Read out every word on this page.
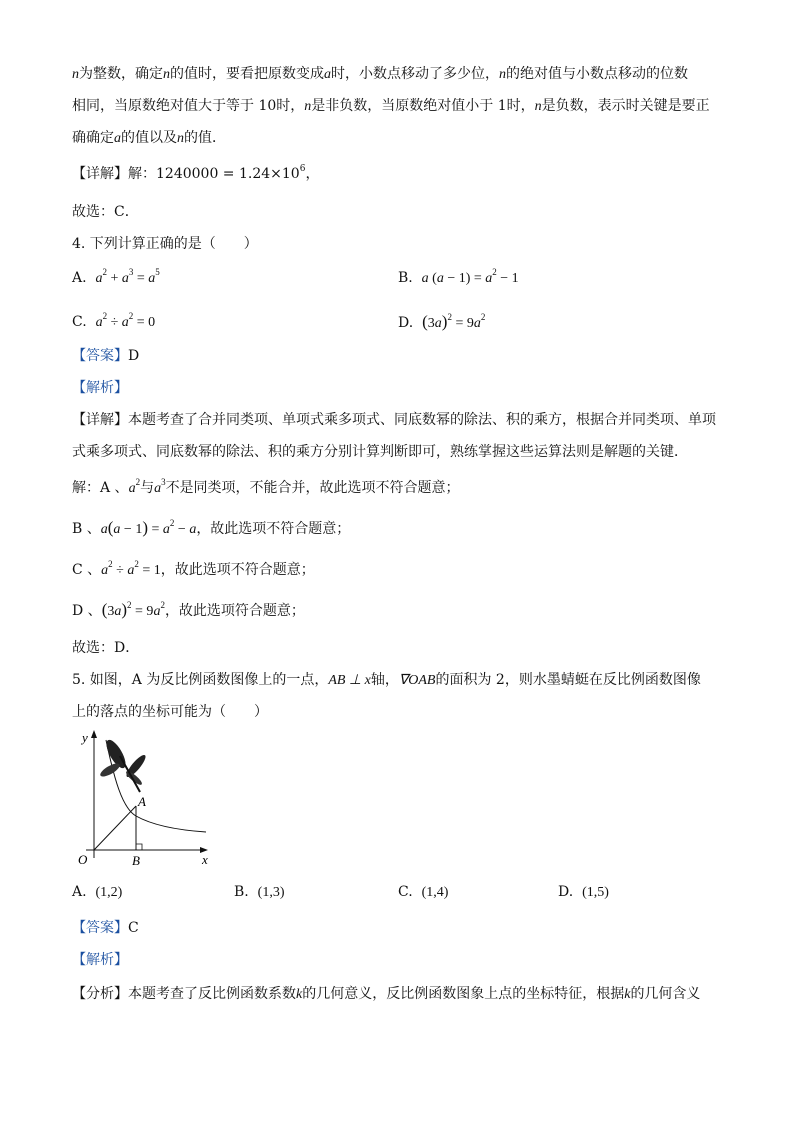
n为整数，确定n的值时，要看把原数变成a时，小数点移动了多少位，n的绝对值与小数点移动的位数
相同，当原数绝对值大于等于 10时，n是非负数，当原数绝对值小于 1时，n是负数，表示时关键是要正
确确定a的值以及n的值．
【详解】解：$1240000 = 1.24\times 10^6$，
故选：C．
4. 下列计算正确的是（　　）
A. $a^2 + a^3 = a^5$	B. a $(a - 1) = a^2 - 1$
C. $a^2 \div a^2 = 0$	D. $(3a)^2 = 9a^2$
【答案】D
【解析】
【详解】本题考查了合并同类项、单项式乘多项式、同底数幂的除法、积的乘方，根据合并同类项、单项
式乘多项式、同底数幂的除法、积的乘方分别计算判断即可，熟练掌握这些运算法则是解题的关键．
解：A 、$a^2$与$a^3$不是同类项，不能合并，故此选项不符合题意；
B 、$a(a - 1) = a^2 - a$，故此选项不符合题意；
C 、$a^2 \div a^2 = 1$，故此选项不符合题意；
D 、$(3a)^2 = 9a^2$，故此选项符合题意；
故选：D．
5. 如图，A 为反比例函数图像上的一点，AB ⊥ x轴，∇OAB的面积为 2，则水墨蜻蜓在反比例函数图像
上的落点的坐标可能为（　　）
y
x
O
A
B
A. (1,2)	B. (1,3)	C. (1,4)	D. (1,5)
【答案】C
【解析】
【分析】本题考查了反比例函数系数k的几何意义，反比例函数图象上点的坐标特征，根据k的几何含义
